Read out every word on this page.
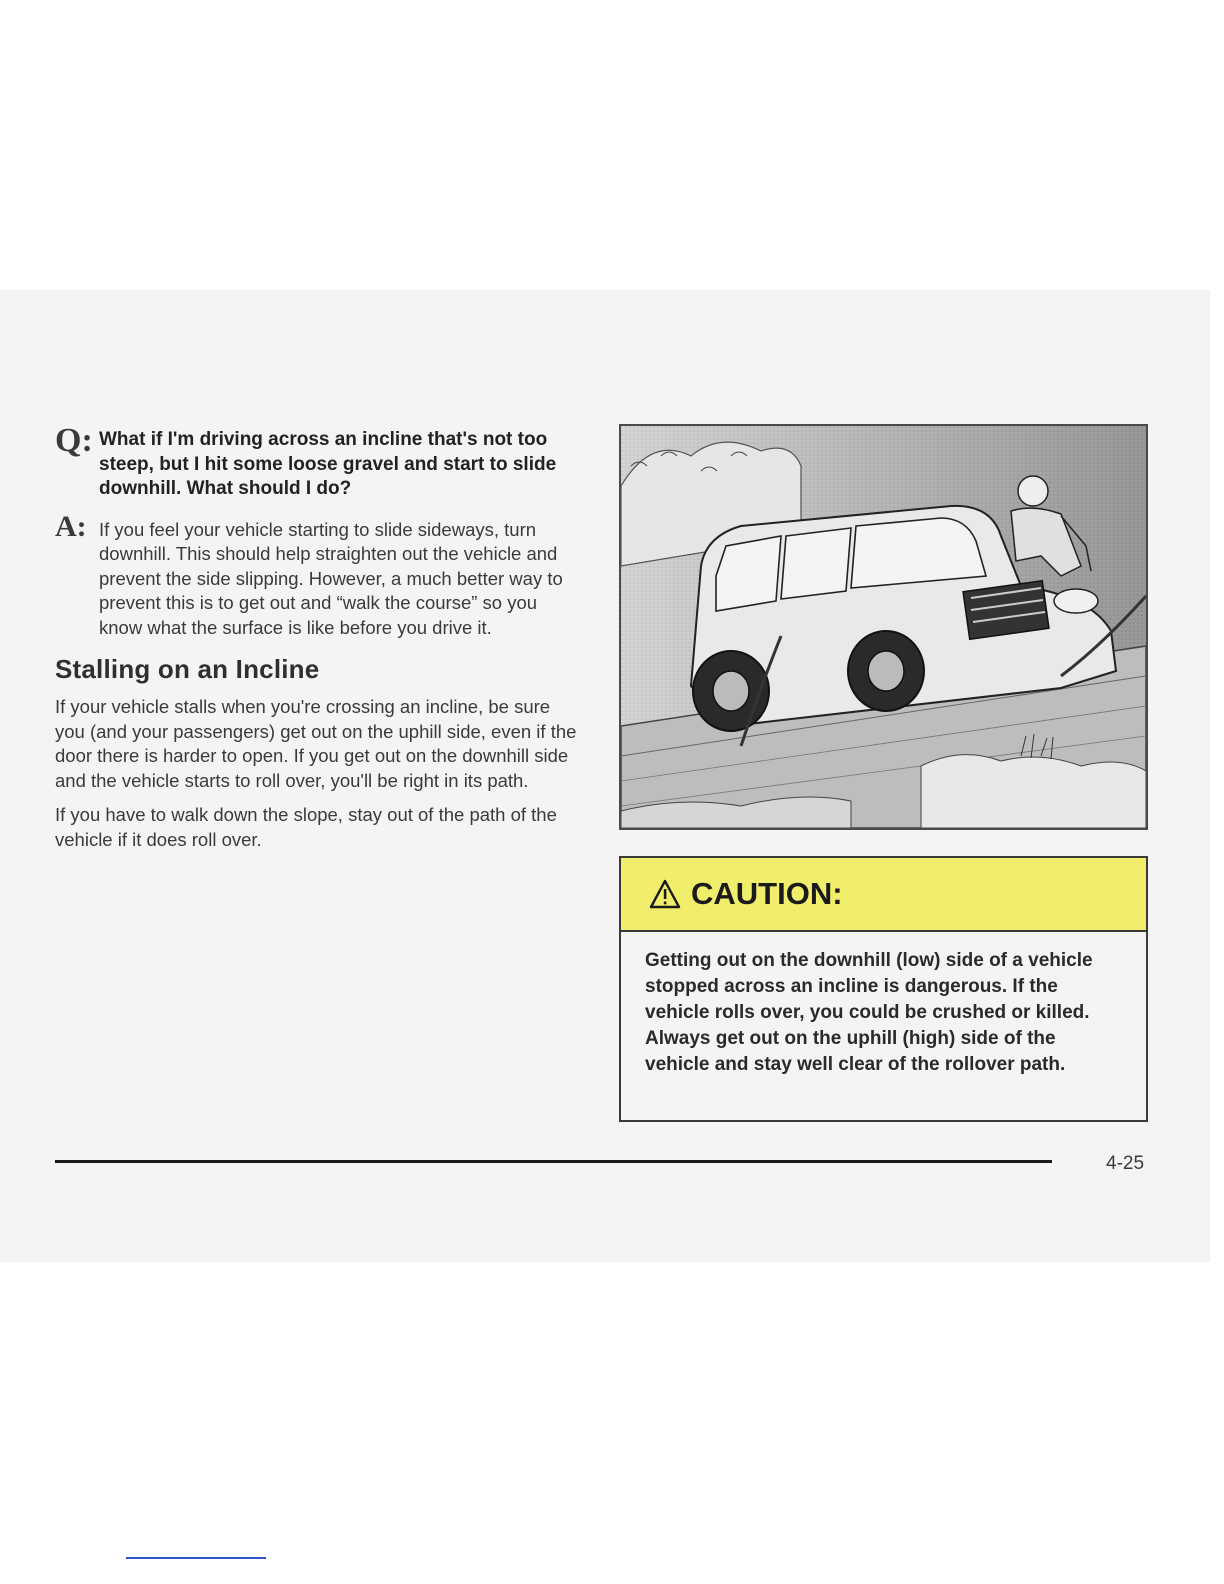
Q: What if I'm driving across an incline that's not too steep, but I hit some loose gravel and start to slide downhill. What should I do?

A: If you feel your vehicle starting to slide sideways, turn downhill. This should help straighten out the vehicle and prevent the side slipping. However, a much better way to prevent this is to get out and “walk the course” so you know what the surface is like before you drive it.

Stalling on an Incline

If your vehicle stalls when you're crossing an incline, be sure you (and your passengers) get out on the uphill side, even if the door there is harder to open. If you get out on the downhill side and the vehicle starts to roll over, you'll be right in its path.

If you have to walk down the slope, stay out of the path of the vehicle if it does roll over.

CAUTION:
Getting out on the downhill (low) side of a vehicle stopped across an incline is dangerous. If the vehicle rolls over, you could be crushed or killed. Always get out on the uphill (high) side of the vehicle and stay well clear of the rollover path.
4-25
